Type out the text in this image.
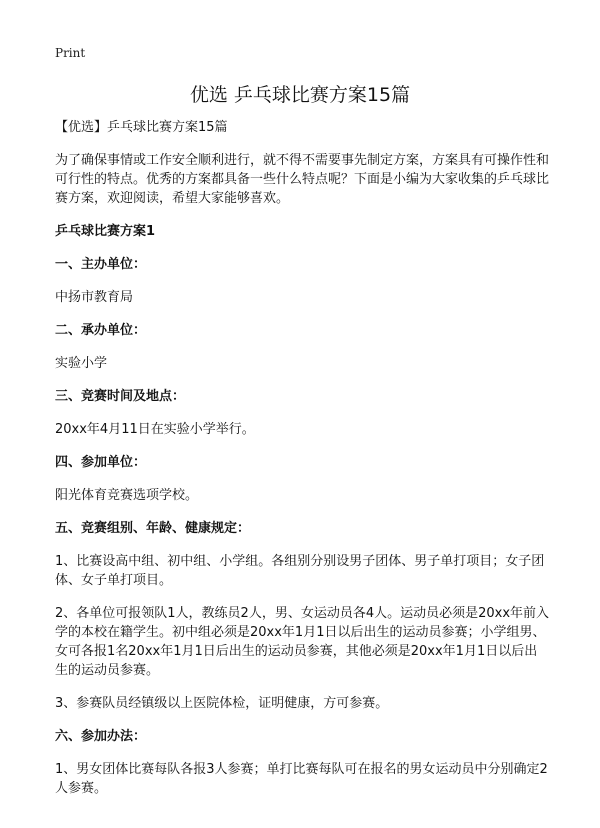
Print
优选 乒乓球比赛方案15篇

【优选】乒乓球比赛方案15篇

为了确保事情或工作安全顺利进行，就不得不需要事先制定方案，方案具有可操作性和可行性的特点。优秀的方案都具备一些什么特点呢？下面是小编为大家收集的乒乓球比赛方案，欢迎阅读，希望大家能够喜欢。

乒乓球比赛方案1

一、主办单位：

中扬市教育局

二、承办单位：

实验小学

三、竞赛时间及地点：

20xx年4月11日在实验小学举行。

四、参加单位：

阳光体育竞赛选项学校。

五、竞赛组别、年龄、健康规定：

1、比赛设高中组、初中组、小学组。各组别分别设男子团体、男子单打项目；女子团体、女子单打项目。

2、各单位可报领队1人，教练员2人，男、女运动员各4人。运动员必须是20xx年前入学的本校在籍学生。初中组必须是20xx年1月1日以后出生的运动员参赛；小学组男、女可各报1名20xx年1月1日后出生的运动员参赛，其他必须是20xx年1月1日以后出生的运动员参赛。

3、参赛队员经镇级以上医院体检，证明健康，方可参赛。

六、参加办法：

1、男女团体比赛每队各报3人参赛；单打比赛每队可在报名的男女运动员中分别确定2人参赛。
